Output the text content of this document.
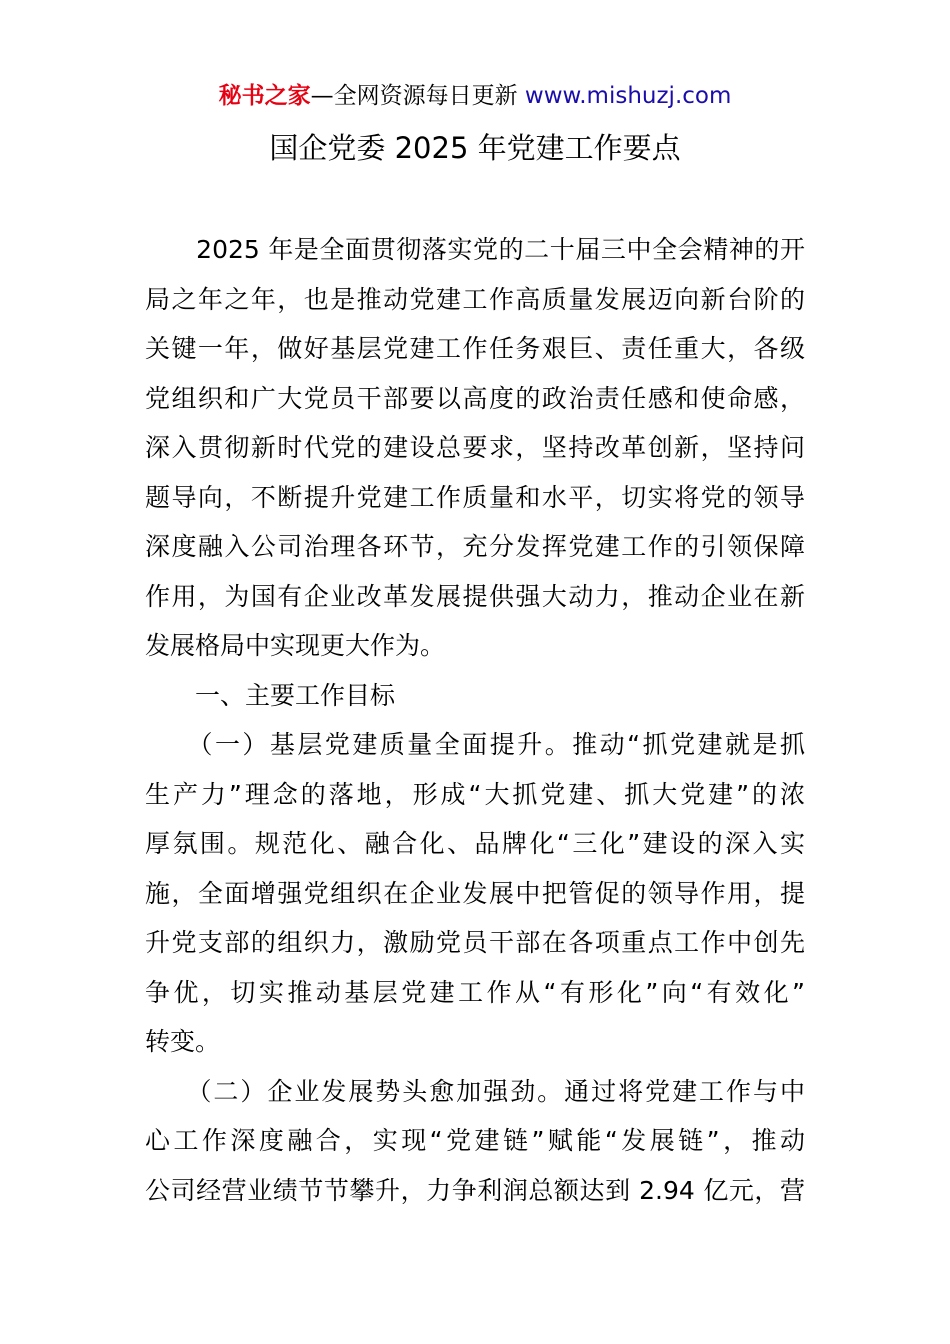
秘书之家—全网资源每日更新 www.mishuzj.com
国企党委 2025 年党建工作要点
　　2025 年是全面贯彻落实党的二十届三中全会精神的开
局之年之年，也是推动党建工作高质量发展迈向新台阶的
关键一年，做好基层党建工作任务艰巨、责任重大，各级
党组织和广大党员干部要以高度的政治责任感和使命感，
深入贯彻新时代党的建设总要求，坚持改革创新，坚持问
题导向，不断提升党建工作质量和水平，切实将党的领导
深度融入公司治理各环节，充分发挥党建工作的引领保障
作用，为国有企业改革发展提供强大动力，推动企业在新
发展格局中实现更大作为。
　　一、主要工作目标
　　（一）基层党建质量全面提升。推动“抓党建就是抓
生产力”理念的落地，形成“大抓党建、抓大党建”的浓
厚氛围。规范化、融合化、品牌化“三化”建设的深入实
施，全面增强党组织在企业发展中把管促的领导作用，提
升党支部的组织力，激励党员干部在各项重点工作中创先
争优，切实推动基层党建工作从“有形化”向“有效化”
转变。
　　（二）企业发展势头愈加强劲。通过将党建工作与中
心工作深度融合，实现“党建链”赋能“发展链”，推动
公司经营业绩节节攀升，力争利润总额达到 2.94 亿元，营
